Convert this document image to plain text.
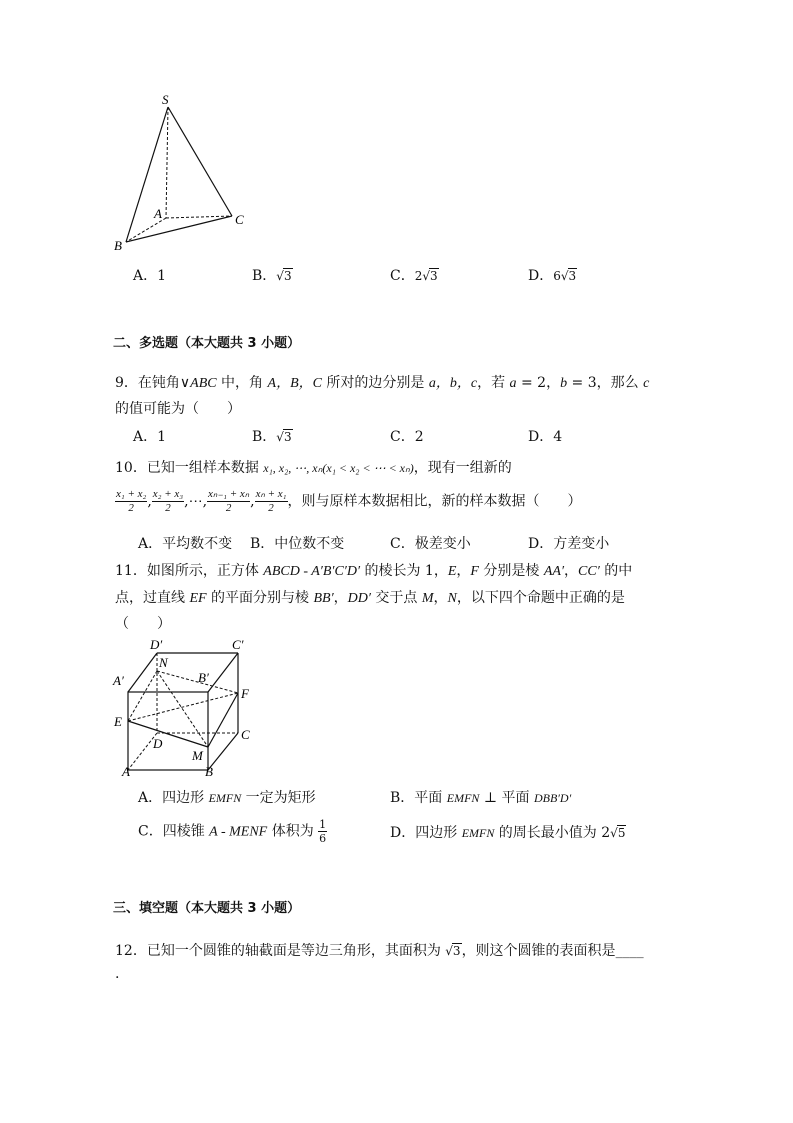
S
A	C
B
A．1	B．√3	C．2√3	D．6√3
二、多选题（本大题共 3 小题）
9．在钝角∨ABC 中，角 A，B，C 所对的边分别是 a，b，c，若 a = 2，b = 3，那么 c
的值可能为（　　）
A．1	B．√3	C．2	D．4
10．已知一组样本数据 x₁, x₂, ⋯, xₙ(x₁ < x₂ < ⋯ < xₙ)，现有一组新的
$\frac{\text{x₁ + x₂}}{2}$ , $\frac{\text{x₂ + x₃}}{2}$ ,⋯, $\frac{\text{xₙ₋₁ + xₙ}}{2}$ , $\frac{\text{xₙ + x₁}}{2}$ ，则与原样本数据相比，新的样本数据（　　）
A．平均数不变 B．中位数不变	C．极差变小	D．方差变小
11．如图所示，正方体 ABCD - A′B′C′D′ 的棱长为 1，E，F 分别是棱 AA′，CC′ 的中
点，过直线 EF 的平面分别与棱 BB′，DD′ 交于点 M，N，以下四个命题中正确的是
（　　）
D′	C′
N
A′	B′
F
E
C
D
M
A	B
A．四边形 EMFN 一定为矩形	B．平面 EMFN ⊥ 平面 DBB′D′
C．四棱锥 A - MENF 体积为 $\frac{1}{6}$	D．四边形 EMFN 的周长最小值为 2√5
三、填空题（本大题共 3 小题）
12．已知一个圆锥的轴截面是等边三角形，其面积为 √3，则这个圆锥的表面积是____
.
